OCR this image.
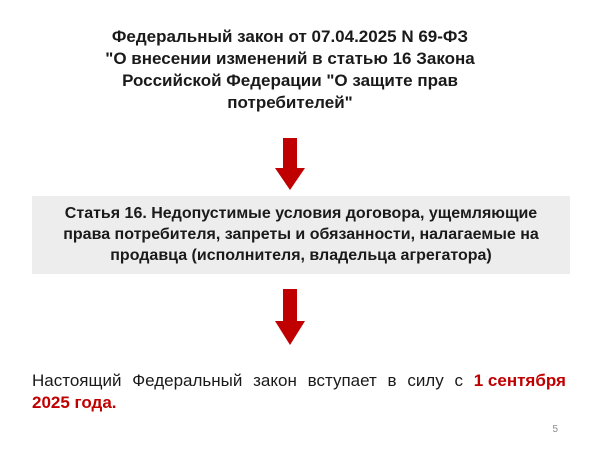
Федеральный закон от 07.04.2025 N 69-ФЗ
"О внесении изменений в статью 16 Закона
Российской Федерации "О защите прав
потребителей"
Статья 16. Недопустимые условия договора, ущемляющие
права потребителя, запреты и обязанности, налагаемые на
продавца (исполнителя, владельца агрегатора)
Настоящий Федеральный закон вступает в силу с 1 сентября
2025 года.
5
